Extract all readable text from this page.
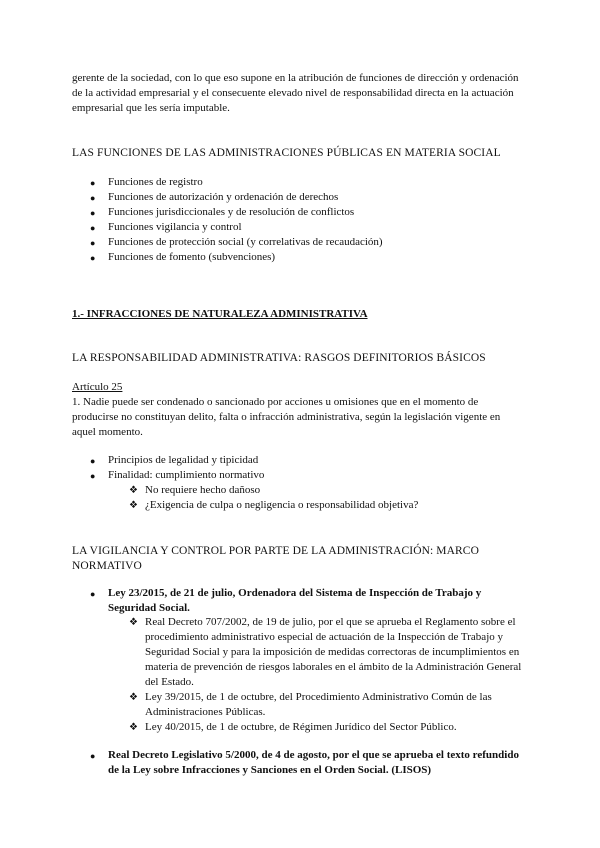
gerente de la sociedad, con lo que eso supone en la atribución de funciones de dirección y ordenación

de la actividad empresarial y el consecuente elevado nivel de responsabilidad directa en la actuación

empresarial que les sería imputable.

LAS FUNCIONES DE LAS ADMINISTRACIONES PÚBLICAS EN MATERIA SOCIAL

● Funciones de registro

● Funciones de autorización y ordenación de derechos

● Funciones jurisdiccionales y de resolución de conflictos

● Funciones vigilancia y control

● Funciones de protección social (y correlativas de recaudación)

● Funciones de fomento (subvenciones)

1.- INFRACCIONES DE NATURALEZA ADMINISTRATIVA

LA RESPONSABILIDAD ADMINISTRATIVA: RASGOS DEFINITORIOS BÁSICOS

Artículo 25

1. Nadie puede ser condenado o sancionado por acciones u omisiones que en el momento de

producirse no constituyan delito, falta o infracción administrativa, según la legislación vigente en

aquel momento.

● Principios de legalidad y tipicidad

● Finalidad: cumplimiento normativo

❖ No requiere hecho dañoso

❖ ¿Exigencia de culpa o negligencia o responsabilidad objetiva?

LA VIGILANCIA Y CONTROL POR PARTE DE LA ADMINISTRACIÓN: MARCO

NORMATIVO

● Ley 23/2015, de 21 de julio, Ordenadora del Sistema de Inspección de Trabajo y

Seguridad Social.

❖ Real Decreto 707/2002, de 19 de julio, por el que se aprueba el Reglamento sobre el

procedimiento administrativo especial de actuación de la Inspección de Trabajo y

Seguridad Social y para la imposición de medidas correctoras de incumplimientos en

materia de prevención de riesgos laborales en el ámbito de la Administración General

del Estado.

❖ Ley 39/2015, de 1 de octubre, del Procedimiento Administrativo Común de las

Administraciones Públicas.

❖ Ley 40/2015, de 1 de octubre, de Régimen Jurídico del Sector Público.

● Real Decreto Legislativo 5/2000, de 4 de agosto, por el que se aprueba el texto refundido

de la Ley sobre Infracciones y Sanciones en el Orden Social. (LISOS)
